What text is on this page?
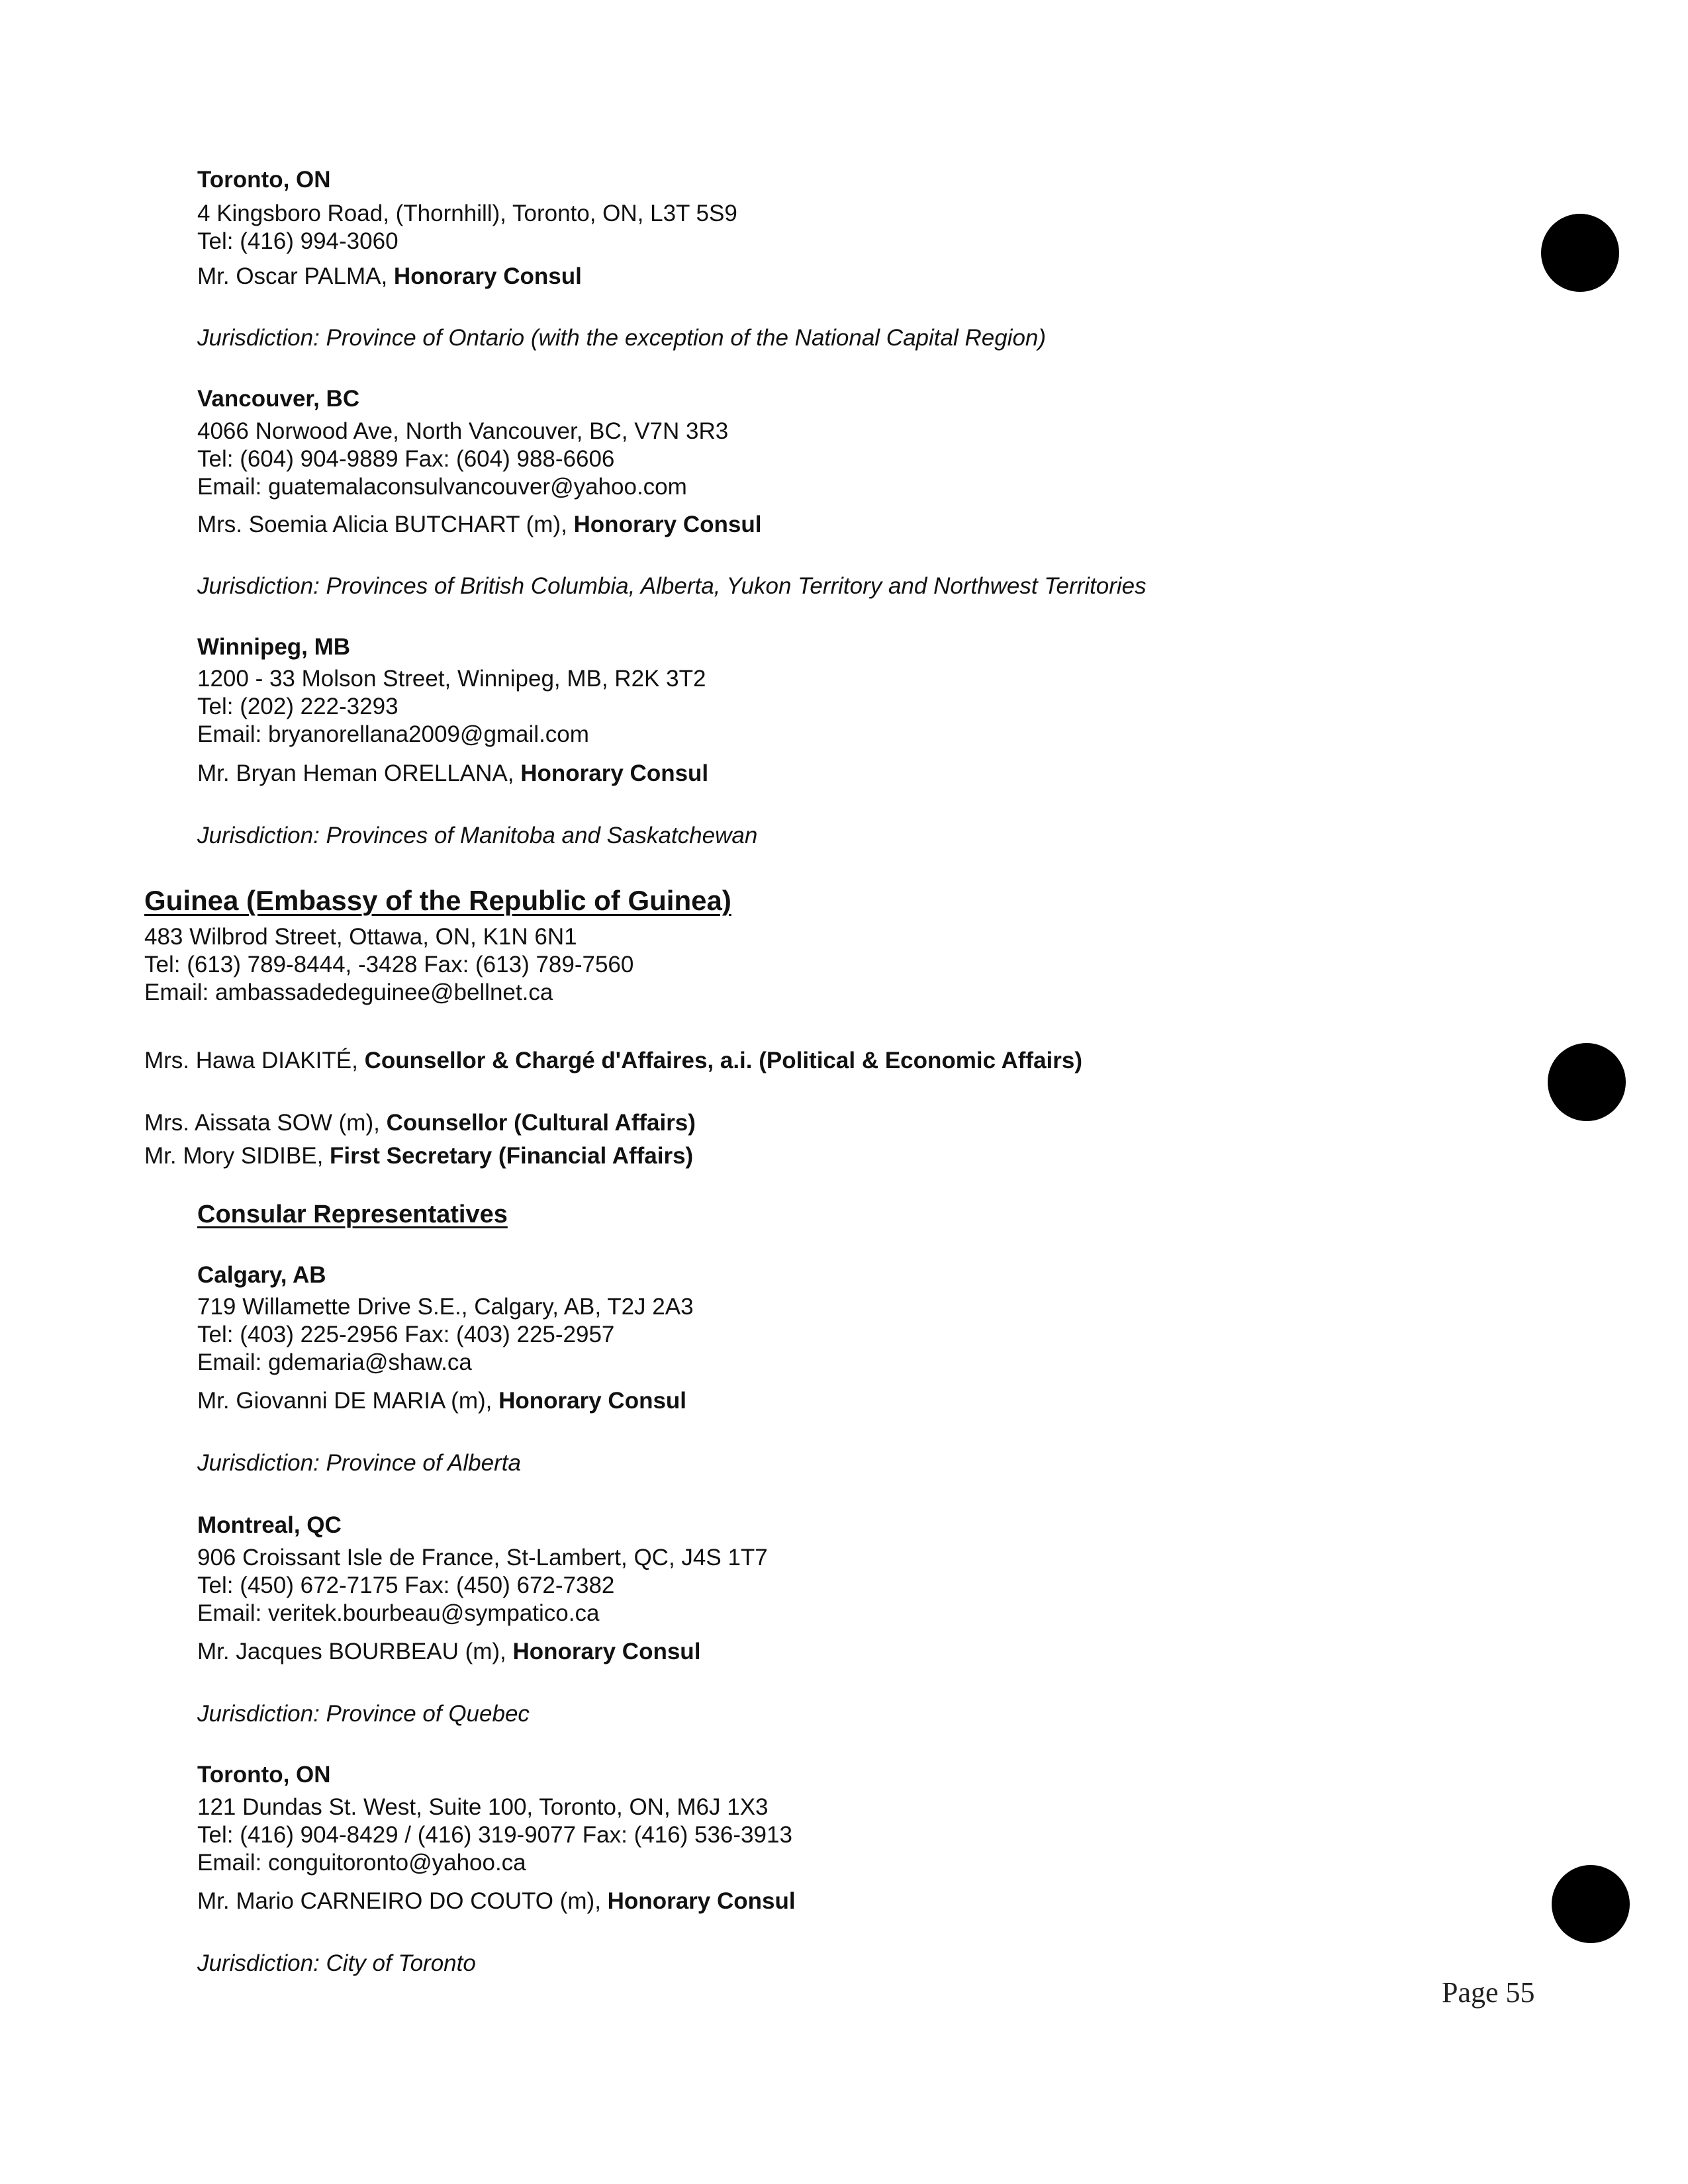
Toronto, ON
4 Kingsboro Road, (Thornhill), Toronto, ON, L3T 5S9
Tel: (416) 994-3060
Mr. Oscar PALMA, Honorary Consul
Jurisdiction: Province of Ontario (with the exception of the National Capital Region)
Vancouver, BC
4066 Norwood Ave, North Vancouver, BC, V7N 3R3
Tel: (604) 904-9889 Fax: (604) 988-6606
Email: guatemalaconsulvancouver@yahoo.com
Mrs. Soemia Alicia BUTCHART (m), Honorary Consul
Jurisdiction: Provinces of British Columbia, Alberta, Yukon Territory and Northwest Territories
Winnipeg, MB
1200 - 33 Molson Street, Winnipeg, MB, R2K 3T2
Tel: (202) 222-3293
Email: bryanorellana2009@gmail.com
Mr. Bryan Heman ORELLANA, Honorary Consul
Jurisdiction: Provinces of Manitoba and Saskatchewan
Guinea (Embassy of the Republic of Guinea)
483 Wilbrod Street, Ottawa, ON, K1N 6N1
Tel: (613) 789-8444, -3428 Fax: (613) 789-7560
Email: ambassadedeguinee@bellnet.ca
Mrs. Hawa DIAKITÉ, Counsellor & Chargé d'Affaires, a.i. (Political & Economic Affairs)
Mrs. Aissata SOW (m), Counsellor (Cultural Affairs)
Mr. Mory SIDIBE, First Secretary (Financial Affairs)
Consular Representatives
Calgary, AB
719 Willamette Drive S.E., Calgary, AB, T2J 2A3
Tel: (403) 225-2956 Fax: (403) 225-2957
Email: gdemaria@shaw.ca
Mr. Giovanni DE MARIA (m), Honorary Consul
Jurisdiction: Province of Alberta
Montreal, QC
906 Croissant Isle de France, St-Lambert, QC, J4S 1T7
Tel: (450) 672-7175 Fax: (450) 672-7382
Email: veritek.bourbeau@sympatico.ca
Mr. Jacques BOURBEAU (m), Honorary Consul
Jurisdiction: Province of Quebec
Toronto, ON
121 Dundas St. West, Suite 100, Toronto, ON, M6J 1X3
Tel: (416) 904-8429 / (416) 319-9077 Fax: (416) 536-3913
Email: conguitoronto@yahoo.ca
Mr. Mario CARNEIRO DO COUTO (m), Honorary Consul
Jurisdiction: City of Toronto
Page 55
